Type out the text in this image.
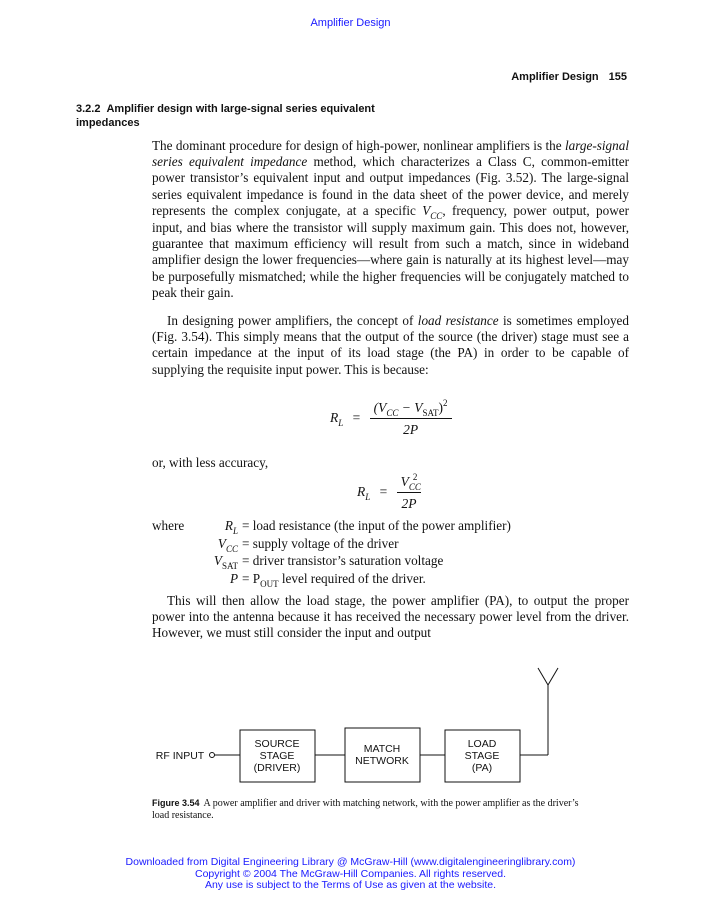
Amplifier Design
Amplifier Design 155
3.2.2 Amplifier design with large-signal series equivalent impedances

The dominant procedure for design of high-power, nonlinear amplifiers is the large-signal series equivalent impedance method, which characterizes a Class C, common-emitter power transistor’s equivalent input and output impedances (Fig. 3.52). The large-signal series equivalent impedance is found in the data sheet of the power device, and merely represents the complex conjugate, at a specific $V_{CC}$, frequency, power output, power input, and bias where the transistor will supply maximum gain. This does not, however, guarantee that maximum efficiency will result from such a match, since in wideband amplifier design the lower frequencies—where gain is naturally at its highest level—may be purposefully mismatched; while the higher frequencies will be conjugately matched to peak their gain.

In designing power amplifiers, the concept of load resistance is sometimes employed (Fig. 3.54). This simply means that the output of the source (the driver) stage must see a certain impedance at the input of its load stage (the PA) in order to be capable of supplying the requisite input power. This is because:

$R_L = \frac{(V_{CC} - V_{SAT})^2}{2P}$
or, with less accuracy,
$R_L = \frac{V_{CC}^2}{2P}$
where	$R_L$ = load resistance (the input of the power amplifier)
$V_{CC}$ = supply voltage of the driver
$V_{SAT}$ = driver transistor’s saturation voltage
$P = P_{OUT}$ level required of the driver.

This will then allow the load stage, the power amplifier (PA), to output the proper power into the antenna because it has received the necessary power level from the driver. However, we must still consider the input and output

RF INPUT
SOURCE
STAGE
(DRIVER)
MATCH
NETWORK
LOAD
STAGE
(PA)
Figure 3.54 A power amplifier and driver with matching network, with the power amplifier as the driver’s load resistance.
Downloaded from Digital Engineering Library @ McGraw-Hill (www.digitalengineeringlibrary.com)
Copyright © 2004 The McGraw-Hill Companies. All rights reserved.
Any use is subject to the Terms of Use as given at the website.
